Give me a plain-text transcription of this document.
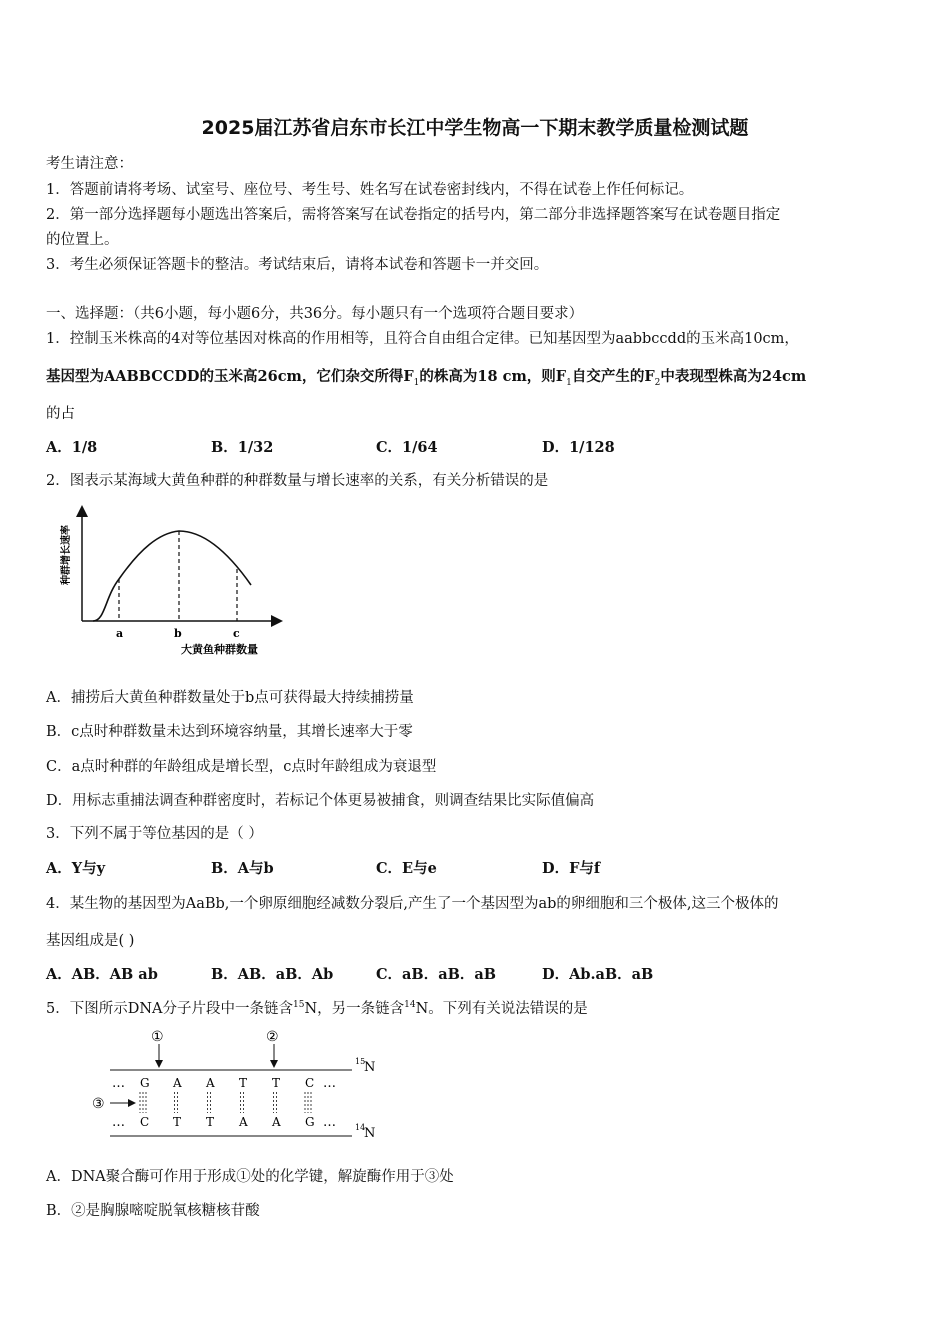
2025届江苏省启东市长江中学生物高一下期末教学质量检测试题
考生请注意：
1．答题前请将考场、试室号、座位号、考生号、姓名写在试卷密封线内，不得在试卷上作任何标记。
2．第一部分选择题每小题选出答案后，需将答案写在试卷指定的括号内，第二部分非选择题答案写在试卷题目指定
的位置上。
3．考生必须保证答题卡的整洁。考试结束后，请将本试卷和答题卡一并交回。
一、选择题：（共6小题，每小题6分，共36分。每小题只有一个选项符合题目要求）
1．控制玉米株高的4对等位基因对株高的作用相等，且符合自由组合定律。已知基因型为aabbccdd的玉米高10cm，
基因型为AABBCCDD的玉米高26cm，它们杂交所得$F_1$的株高为18 cm，则$F_1$自交产生的$F_2$中表现型株高为24cm
的占
A．1/8	B．1/32	C．1/64	D．1/128
2．图表示某海域大黄鱼种群的种群数量与增长速率的关系，有关分析错误的是
a	b	c
大黄鱼种群数量
种群增长速率
A．捕捞后大黄鱼种群数量处于b点可获得最大持续捕捞量
B．c点时种群数量未达到环境容纳量，其增长速率大于零
C．a点时种群的年龄组成是增长型，c点时年龄组成为衰退型
D．用标志重捕法调查种群密度时，若标记个体更易被捕食，则调查结果比实际值偏高
3．下列不属于等位基因的是（ ）
A．Y与y	B．A与b	C．E与e	D．F与f
4．某生物的基因型为AaBb,一个卵原细胞经减数分裂后,产生了一个基因型为ab的卵细胞和三个极体,这三个极体的
基因组成是( )
A．AB．AB ab	B．AB．aB．Ab	C．aB．aB．aB	D．Ab.aB．aB
5．下图所示DNA分子片段中一条链含$^{15}$N，另一条链含$^{14}$N。下列有关说法错误的是
①	②
③
15
N
14
N
…	…
…	…
G
C
A
T
A
T
T
A
T
A
C
G
A．DNA聚合酶可作用于形成①处的化学键，解旋酶作用于③处
B．②是胸腺嘧啶脱氧核糖核苷酸
